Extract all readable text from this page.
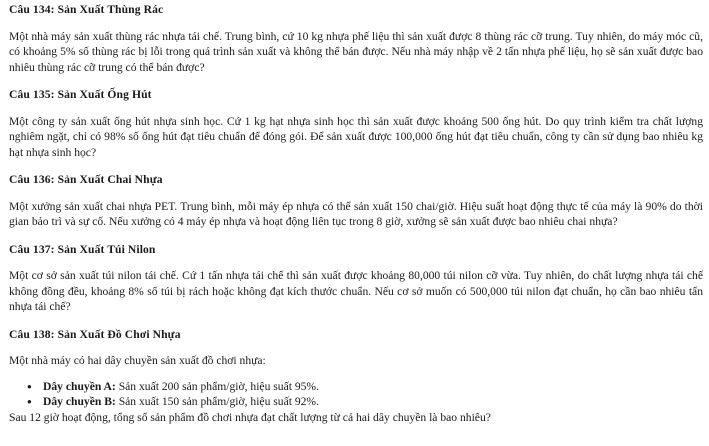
Câu 134: Sản Xuất Thùng Rác

Một nhà máy sản xuất thùng rác nhựa tái chế. Trung bình, cứ 10 kg nhựa phế liệu thì sản xuất được 8 thùng rác cỡ trung. Tuy nhiên, do máy móc cũ, có khoảng 5% số thùng rác bị lỗi trong quá trình sản xuất và không thể bán được. Nếu nhà máy nhập về 2 tấn nhựa phế liệu, họ sẽ sản xuất được bao nhiêu thùng rác cỡ trung có thể bán được?

Câu 135: Sản Xuất Ống Hút

Một công ty sản xuất ống hút nhựa sinh học. Cứ 1 kg hạt nhựa sinh học thì sản xuất được khoảng 500 ống hút. Do quy trình kiểm tra chất lượng nghiêm ngặt, chỉ có 98% số ống hút đạt tiêu chuẩn để đóng gói. Để sản xuất được 100,000 ống hút đạt tiêu chuẩn, công ty cần sử dụng bao nhiêu kg hạt nhựa sinh học?

Câu 136: Sản Xuất Chai Nhựa

Một xưởng sản xuất chai nhựa PET. Trung bình, mỗi máy ép nhựa có thể sản xuất 150 chai/giờ. Hiệu suất hoạt động thực tế của máy là 90% do thời gian bảo trì và sự cố. Nếu xưởng có 4 máy ép nhựa và hoạt động liên tục trong 8 giờ, xưởng sẽ sản xuất được bao nhiêu chai nhựa?

Câu 137: Sản Xuất Túi Nilon

Một cơ sở sản xuất túi nilon tái chế. Cứ 1 tấn nhựa tái chế thì sản xuất được khoảng 80,000 túi nilon cỡ vừa. Tuy nhiên, do chất lượng nhựa tái chế không đồng đều, khoảng 8% số túi bị rách hoặc không đạt kích thước chuẩn. Nếu cơ sở muốn có 500,000 túi nilon đạt chuẩn, họ cần bao nhiêu tấn nhựa tái chế?

Câu 138: Sản Xuất Đồ Chơi Nhựa

Một nhà máy có hai dây chuyền sản xuất đồ chơi nhựa:

● Dây chuyền A: Sản xuất 200 sản phẩm/giờ, hiệu suất 95%.
● Dây chuyền B: Sản xuất 150 sản phẩm/giờ, hiệu suất 92%.

Sau 12 giờ hoạt động, tổng số sản phẩm đồ chơi nhựa đạt chất lượng từ cả hai dây chuyền là bao nhiêu?
